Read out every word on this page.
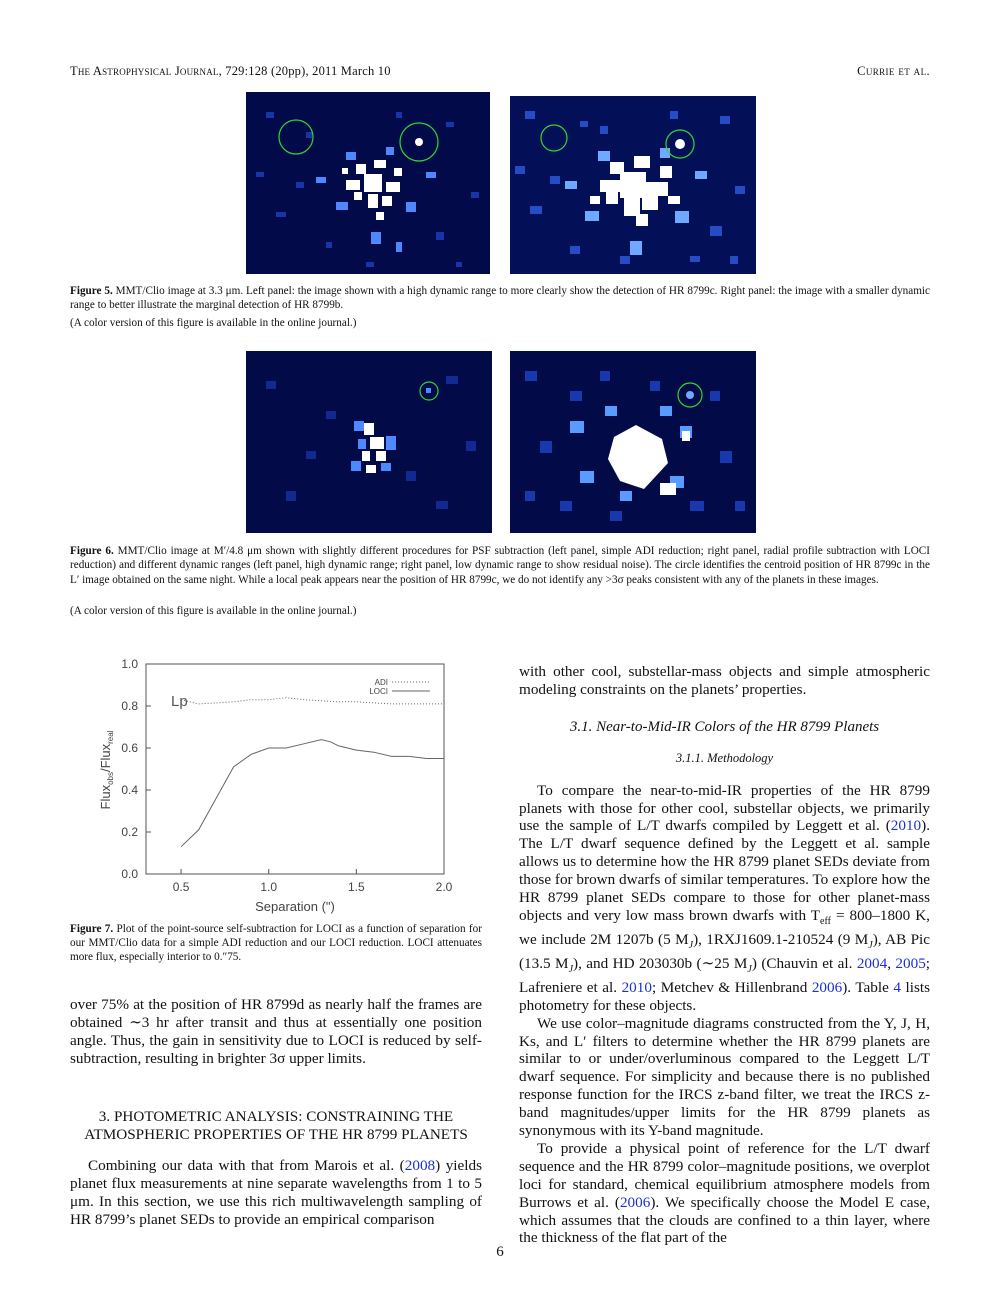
The Astrophysical Journal, 729:128 (20pp), 2011 March 10	Currie et al.
Figure 5. MMT/Clio image at 3.3 μm. Left panel: the image shown with a high dynamic range to more clearly show the detection of HR 8799c. Right panel: the image with a smaller dynamic range to better illustrate the marginal detection of HR 8799b.
(A color version of this figure is available in the online journal.)
Figure 6. MMT/Clio image at M′/4.8 μm shown with slightly different procedures for PSF subtraction (left panel, simple ADI reduction; right panel, radial profile subtraction with LOCI reduction) and different dynamic ranges (left panel, high dynamic range; right panel, low dynamic range to show residual noise). The circle identifies the centroid position of HR 8799c in the L′ image obtained on the same night. While a local peak appears near the position of HR 8799c, we do not identify any >3σ peaks consistent with any of the planets in these images.
(A color version of this figure is available in the online journal.)
0.0
0.2
0.4
0.6
0.8
1.0
0.5	1.0	1.5	2.0
Lp
ADI
LOCI
Separation (")
Flux$_{obs}$/Flux$_{real}$
Figure 7. Plot of the point-source self-subtraction for LOCI as a function of separation for our MMT/Clio data for a simple ADI reduction and our LOCI reduction. LOCI attenuates more flux, especially interior to 0.″75.
over 75% at the position of HR 8799d as nearly half the frames are obtained ∼3 hr after transit and thus at essentially one position angle. Thus, the gain in sensitivity due to LOCI is reduced by self-subtraction, resulting in brighter 3σ upper limits.
3. PHOTOMETRIC ANALYSIS: CONSTRAINING THE
ATMOSPHERIC PROPERTIES OF THE HR 8799 PLANETS
Combining our data with that from Marois et al. (2008) yields planet flux measurements at nine separate wavelengths from 1 to 5 μm. In this section, we use this rich multiwavelength sampling of HR 8799’s planet SEDs to provide an empirical comparison

with other cool, substellar-mass objects and simple atmospheric modeling constraints on the planets’ properties.

3.1. Near-to-Mid-IR Colors of the HR 8799 Planets
3.1.1. Methodology

To compare the near-to-mid-IR properties of the HR 8799 planets with those for other cool, substellar objects, we primarily use the sample of L/T dwarfs compiled by Leggett et al. (2010). The L/T dwarf sequence defined by the Leggett et al. sample allows us to determine how the HR 8799 planet SEDs deviate from those for brown dwarfs of similar temperatures. To explore how the HR 8799 planet SEDs compare to those for other planet-mass objects and very low mass brown dwarfs with $T_{eff} = 800-1800$ K, we include 2M 1207b (5 $M_J$), 1RXJ1609.1-210524 (9 $M_J$), AB Pic (13.5 $M_J$), and HD 203030b (∼25 $M_J$) (Chauvin et al. 2004, 2005; Lafreniere et al. 2010; Metchev & Hillenbrand 2006). Table 4 lists photometry for these objects.

We use color–magnitude diagrams constructed from the Y, J, H, Ks, and L′ filters to determine whether the HR 8799 planets are similar to or under/overluminous compared to the Leggett L/T dwarf sequence. For simplicity and because there is no published response function for the IRCS z-band filter, we treat the IRCS z-band magnitudes/upper limits for the HR 8799 planets as synonymous with its Y-band magnitude.

To provide a physical point of reference for the L/T dwarf sequence and the HR 8799 color–magnitude positions, we overplot loci for standard, chemical equilibrium atmosphere models from Burrows et al. (2006). We specifically choose the Model E case, which assumes that the clouds are confined to a thin layer, where the thickness of the flat part of the

6
